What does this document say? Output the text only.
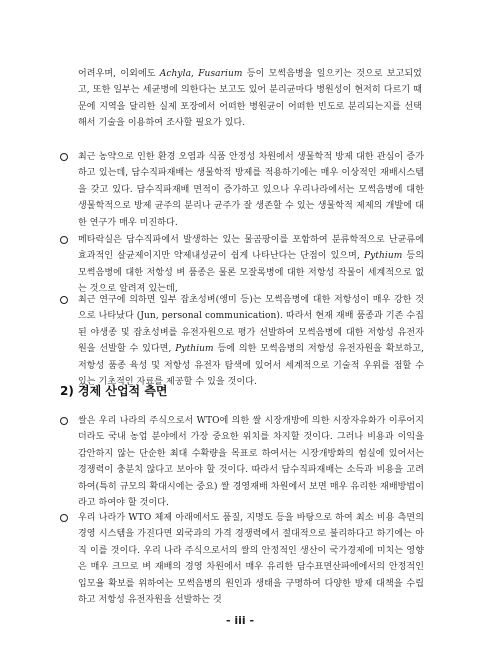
어려우며, 이외에도 Achyla, Fusarium 등이 모썩음병을 일으키는 것으로 보고되었고, 또한 일부는 세균병에 의한다는 보고도 있어 분리균마다 병원성이 현저히 다르기 때문에 지역을 달리한 실제 포장에서 어떠한 병원균이 어떠한 빈도로 분리되는지를 선택해서 기술을 이용하여 조사할 필요가 있다.

최근 농약으로 인한 환경 오염과 식품 안정성 차원에서 생물학적 방제 대한 관심이 증가하고 있는데, 담수직파재배는 생물학적 방제를 적용하기에는 매우 이상적인 재배시스템을 갖고 있다. 담수직파재배 면적이 증가하고 있으나 우리나라에서는 모썩음병에 대한 생물학적으로 방제 균주의 분리나 균주가 잘 생존할 수 있는 생물학적 제제의 개발에 대한 연구가 매우 미진하다.

메타락실은 담수직파에서 발생하는 있는 물곰팡이를 포함하여 분류학적으로 난균류에 효과적인 살균제이지만 약제내성균이 쉽게 나타난다는 단점이 있으며, Pythium 등의 모썩음병에 대한 저항성 벼 품종은 물론 모잘록병에 대한 저항성 작물이 세계적으로 없는 것으로 알려져 있는데,

최근 연구에 의하면 일부 잡초성벼(앵미 등)는 모썩음병에 대한 저항성이 매우 강한 것으로 나타났다 (Jun, personal communication). 따라서 현재 재배 품종과 기존 수집된 야생종 및 잡초성벼를 유전자원으로 평가 선발하여 모썩음병에 대한 저항성 유전자원을 선발할 수 있다면, Pythium 등에 의한 모썩음병의 저항성 유전자원을 확보하고, 저항성 품종 육성 및 저항성 유전자 탐색에 있어서 세계적으로 기술적 우위를 점할 수 있는 기초적인 자료를 제공할 수 있을 것이다.

2) 경제 산업적 측면

쌀은 우리 나라의 주식으로서 WTO에 의한 쌀 시장개방에 의한 시장자유화가 이루어지더라도 국내 농업 분야에서 가장 중요한 위치를 차지할 것이다. 그러나 비용과 이익을 감안하지 않는 단순한 최대 수확량을 목표로 하여서는 시장개방화의 험실에 있어서는 경쟁력이 충분치 않다고 보아야 할 것이다. 따라서 담수직파재배는 소득과 비용을 고려하여(특히 규모의 확대시에는 중요) 쌀 경영재배 차원에서 보면 매우 유리한 재배방법이라고 하여야 할 것이다.

우리 나라가 WTO 체제 아래에서도 품질, 지명도 등을 바탕으로 하여 최소 비용 측면의 경영 시스템을 가진다면 외국과의 가격 경쟁력에서 절대적으로 불리하다고 하기에는 아직 이를 것이다. 우리 나라 주식으로서의 쌀의 안정적인 생산이 국가경제에 미치는 영향은 매우 크므로 벼 재배의 경영 차원에서 매우 유리한 담수표면산파에에서의 안정적인 입모율 확보를 위하여는 모썩음병의 원인과 생태을 구명하여 다양한 방제 대책을 수립하고 저항성 유전자원을 선발하는 것

- iii -
